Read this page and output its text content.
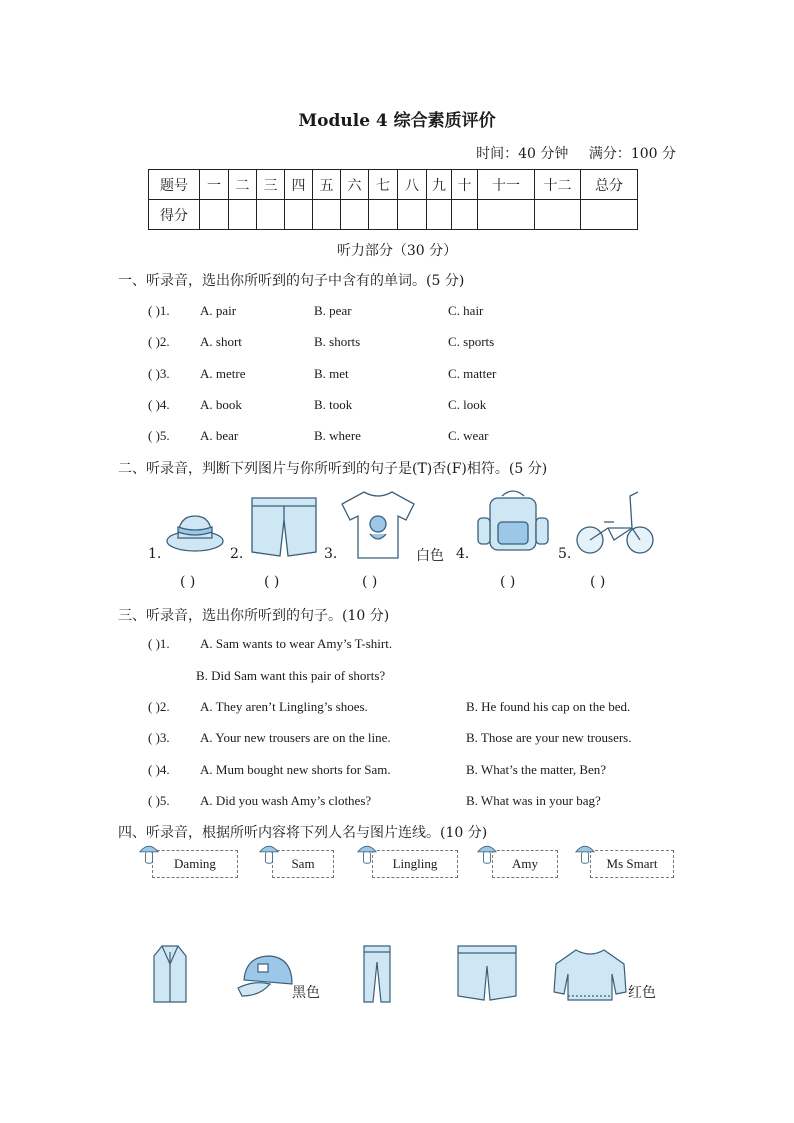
Module 4 综合素质评价
时间：40 分钟 满分：100 分
题号	一	二	三	四	五	六	七	八	九	十	十一	十二	总分
得分													
听力部分（30 分）
一、听录音，选出你所听到的句子中含有的单词。(5 分)
( )1. A. pair	B. pear	C. hair
( )2. A. short	B. shorts	C. sports
( )3. A. metre	B. met	C. matter
( )4. A. book	B. took	C. look
( )5. A. bear	B. where	C. wear
二、听录音，判断下列图片与你所听到的句子是(T)否(F)相符。(5 分)
1.	2.	3.	白色 4.	5.
( )	( )	( )	( )	( )
三、听录音，选出你所听到的句子。(10 分)
( )1. A. Sam wants to wear Amy’s T-shirt.
B. Did Sam want this pair of shorts?
( )2. A. They aren’t Lingling’s shoes.	B. He found his cap on the bed.
( )3. A. Your new trousers are on the line.	B. Those are your new trousers.
( )4. A. Mum bought new shorts for Sam.	B. What’s the matter, Ben?
( )5. A. Did you wash Amy’s clothes?	B. What was in your bag?
四、听录音，根据所听内容将下列人名与图片连线。(10 分)
Daming	Sam	Lingling	Amy	Ms Smart
黑色	红色
